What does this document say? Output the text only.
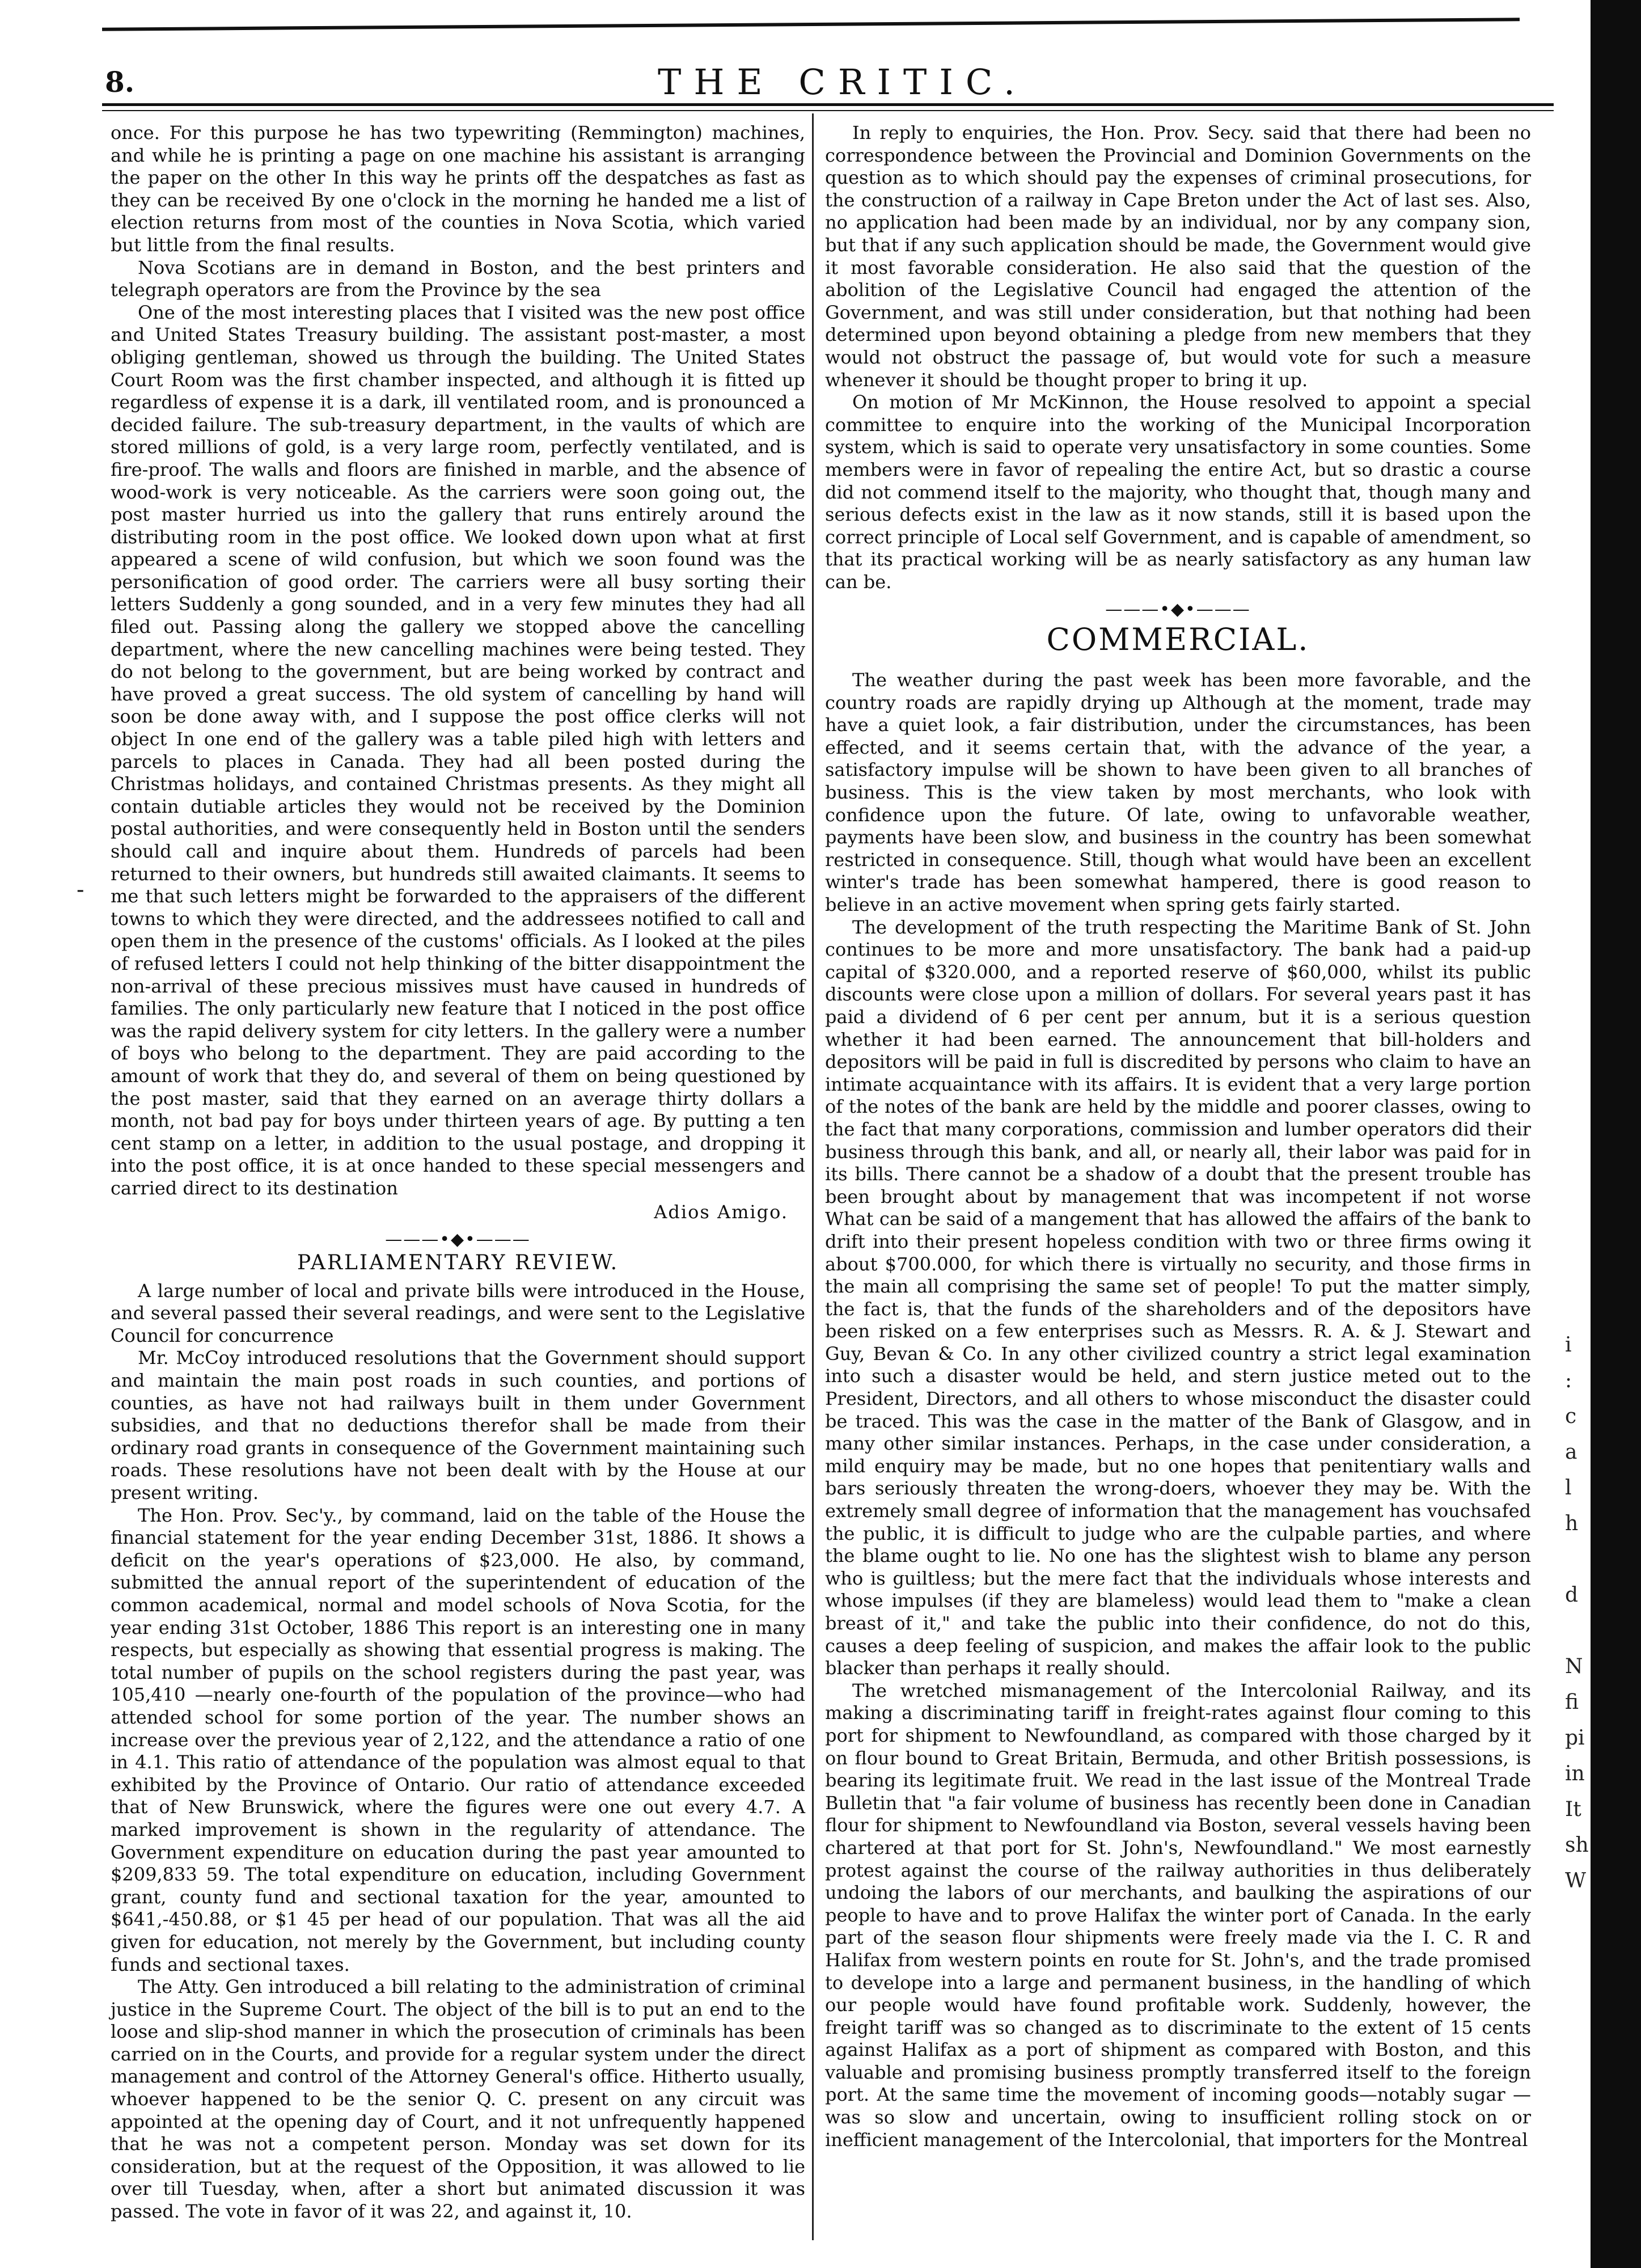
8.	THE CRITIC.
-

once. For this purpose he has two typewriting (Remmington) machines, and while he is printing a page on one machine his assistant is arranging the paper on the other In this way he prints off the despatches as fast as they can be received By one o'clock in the morning he handed me a list of election returns from most of the counties in Nova Scotia, which varied but little from the final results.

Nova Scotians are in demand in Boston, and the best printers and telegraph operators are from the Province by the sea

One of the most interesting places that I visited was the new post office and United States Treasury building. The assistant post-master, a most obliging gentleman, showed us through the building. The United States Court Room was the first chamber inspected, and although it is fitted up regardless of expense it is a dark, ill ventilated room, and is pronounced a decided failure. The sub-treasury department, in the vaults of which are stored millions of gold, is a very large room, perfectly ventilated, and is fire-proof. The walls and floors are finished in marble, and the absence of wood-work is very noticeable. As the carriers were soon going out, the post master hurried us into the gallery that runs entirely around the distributing room in the post office. We looked down upon what at first appeared a scene of wild confusion, but which we soon found was the personification of good order. The carriers were all busy sorting their letters Suddenly a gong sounded, and in a very few minutes they had all filed out. Passing along the gallery we stopped above the cancelling department, where the new cancelling machines were being tested. They do not belong to the government, but are being worked by contract and have proved a great success. The old system of cancelling by hand will soon be done away with, and I suppose the post office clerks will not object In one end of the gallery was a table piled high with letters and parcels to places in Canada. They had all been posted during the Christmas holidays, and contained Christmas presents. As they might all contain dutiable articles they would not be received by the Dominion postal authorities, and were consequently held in Boston until the senders should call and inquire about them. Hundreds of parcels had been returned to their owners, but hundreds still awaited claimants. It seems to me that such letters might be forwarded to the appraisers of the different towns to which they were directed, and the addressees notified to call and open them in the presence of the customs' officials. As I looked at the piles of refused letters I could not help thinking of the bitter disappointment the non-arrival of these precious missives must have caused in hundreds of families. The only particularly new feature that I noticed in the post office was the rapid delivery system for city letters. In the gallery were a number of boys who belong to the department. They are paid according to the amount of work that they do, and several of them on being questioned by the post master, said that they earned on an average thirty dollars a month, not bad pay for boys under thirteen years of age. By putting a ten cent stamp on a letter, in addition to the usual postage, and dropping it into the post office, it is at once handed to these special messengers and carried direct to its destination

Adios Amigo.
———•◆•———
PARLIAMENTARY REVIEW.

A large number of local and private bills were introduced in the House, and several passed their several readings, and were sent to the Legislative Council for concurrence

Mr. McCoy introduced resolutions that the Government should support and maintain the main post roads in such counties, and portions of counties, as have not had railways built in them under Government subsidies, and that no deductions therefor shall be made from their ordinary road grants in consequence of the Government maintaining such roads. These resolutions have not been dealt with by the House at our present writing.

The Hon. Prov. Sec'y., by command, laid on the table of the House the financial statement for the year ending December 31st, 1886. It shows a deficit on the year's operations of $23,000. He also, by command, submitted the annual report of the superintendent of education of the common academical, normal and model schools of Nova Scotia, for the year ending 31st October, 1886 This report is an interesting one in many respects, but especially as showing that essential progress is making. The total number of pupils on the school registers during the past year, was 105,410 —nearly one-fourth of the population of the province—who had attended school for some portion of the year. The number shows an increase over the previous year of 2,122, and the attendance a ratio of one in 4.1. This ratio of attendance of the population was almost equal to that exhibited by the Province of Ontario. Our ratio of attendance exceeded that of New Brunswick, where the figures were one out every 4.7. A marked improvement is shown in the regularity of attendance. The Government expenditure on education during the past year amounted to $209,833 59. The total expenditure on education, including Government grant, county fund and sectional taxation for the year, amounted to $641,-450.88, or $1 45 per head of our population. That was all the aid given for education, not merely by the Government, but including county funds and sectional taxes.

The Atty. Gen introduced a bill relating to the administration of criminal justice in the Supreme Court. The object of the bill is to put an end to the loose and slip-shod manner in which the prosecution of criminals has been carried on in the Courts, and provide for a regular system under the direct management and control of the Attorney General's office. Hitherto usually, whoever happened to be the senior Q. C. present on any circuit was appointed at the opening day of Court, and it not unfrequently happened that he was not a competent person. Monday was set down for its consideration, but at the request of the Opposition, it was allowed to lie over till Tuesday, when, after a short but animated discussion it was passed. The vote in favor of it was 22, and against it, 10.

In reply to enquiries, the Hon. Prov. Secy. said that there had been no correspondence between the Provincial and Dominion Governments on the question as to which should pay the expenses of criminal prosecutions, for the construction of a railway in Cape Breton under the Act of last ses. Also, no application had been made by an individual, nor by any company sion, but that if any such application should be made, the Government would give it most favorable consideration. He also said that the question of the abolition of the Legislative Council had engaged the attention of the Government, and was still under consideration, but that nothing had been determined upon beyond obtaining a pledge from new members that they would not obstruct the passage of, but would vote for such a measure whenever it should be thought proper to bring it up.

On motion of Mr McKinnon, the House resolved to appoint a special committee to enquire into the working of the Municipal Incorporation system, which is said to operate very unsatisfactory in some counties. Some members were in favor of repealing the entire Act, but so drastic a course did not commend itself to the majority, who thought that, though many and serious defects exist in the law as it now stands, still it is based upon the correct principle of Local self Government, and is capable of amendment, so that its practical working will be as nearly satisfactory as any human law can be.

———•◆•———
COMMERCIAL.

The weather during the past week has been more favorable, and the country roads are rapidly drying up Although at the moment, trade may have a quiet look, a fair distribution, under the circumstances, has been effected, and it seems certain that, with the advance of the year, a satisfactory impulse will be shown to have been given to all branches of business. This is the view taken by most merchants, who look with confidence upon the future. Of late, owing to unfavorable weather, payments have been slow, and business in the country has been somewhat restricted in consequence. Still, though what would have been an excellent winter's trade has been somewhat hampered, there is good reason to believe in an active movement when spring gets fairly started.

The development of the truth respecting the Maritime Bank of St. John continues to be more and more unsatisfactory. The bank had a paid-up capital of $320.000, and a reported reserve of $60,000, whilst its public discounts were close upon a million of dollars. For several years past it has paid a dividend of 6 per cent per annum, but it is a serious question whether it had been earned. The announcement that bill-holders and depositors will be paid in full is discredited by persons who claim to have an intimate acquaintance with its affairs. It is evident that a very large portion of the notes of the bank are held by the middle and poorer classes, owing to the fact that many corporations, commission and lumber operators did their business through this bank, and all, or nearly all, their labor was paid for in its bills. There cannot be a shadow of a doubt that the present trouble has been brought about by management that was incompetent if not worse What can be said of a mangement that has allowed the affairs of the bank to drift into their present hopeless condition with two or three firms owing it about $700.000, for which there is virtually no security, and those firms in the main all comprising the same set of people! To put the matter simply, the fact is, that the funds of the shareholders and of the depositors have been risked on a few enterprises such as Messrs. R. A. & J. Stewart and Guy, Bevan & Co. In any other civilized country a strict legal examination into such a disaster would be held, and stern justice meted out to the President, Directors, and all others to whose misconduct the disaster could be traced. This was the case in the matter of the Bank of Glasgow, and in many other similar instances. Perhaps, in the case under consideration, a mild enquiry may be made, but no one hopes that penitentiary walls and bars seriously threaten the wrong-doers, whoever they may be. With the extremely small degree of information that the management has vouchsafed the public, it is difficult to judge who are the culpable parties, and where the blame ought to lie. No one has the slightest wish to blame any person who is guiltless; but the mere fact that the individuals whose interests and whose impulses (if they are blameless) would lead them to "make a clean breast of it," and take the public into their confidence, do not do this, causes a deep feeling of suspicion, and makes the affair look to the public blacker than perhaps it really should.

The wretched mismanagement of the Intercolonial Railway, and its making a discriminating tariff in freight-rates against flour coming to this port for shipment to Newfoundland, as compared with those charged by it on flour bound to Great Britain, Bermuda, and other British possessions, is bearing its legitimate fruit. We read in the last issue of the Montreal Trade Bulletin that "a fair volume of business has recently been done in Canadian flour for shipment to Newfoundland via Boston, several vessels having been chartered at that port for St. John's, Newfoundland." We most earnestly protest against the course of the railway authorities in thus deliberately undoing the labors of our merchants, and baulking the aspirations of our people to have and to prove Halifax the winter port of Canada. In the early part of the season flour shipments were freely made via the I. C. R and Halifax from western points en route for St. John's, and the trade promised to develope into a large and permanent business, in the handling of which our people would have found profitable work. Suddenly, however, the freight tariff was so changed as to discriminate to the extent of 15 cents against Halifax as a port of shipment as compared with Boston, and this valuable and promising business promptly transferred itself to the foreign port. At the same time the movement of incoming goods—notably sugar —was so slow and uncertain, owing to insufficient rolling stock on or inefficient management of the Intercolonial, that importers for the Montreal

i
:
c
a
l
h

d

N
fi
pi
in
It
sh
W
